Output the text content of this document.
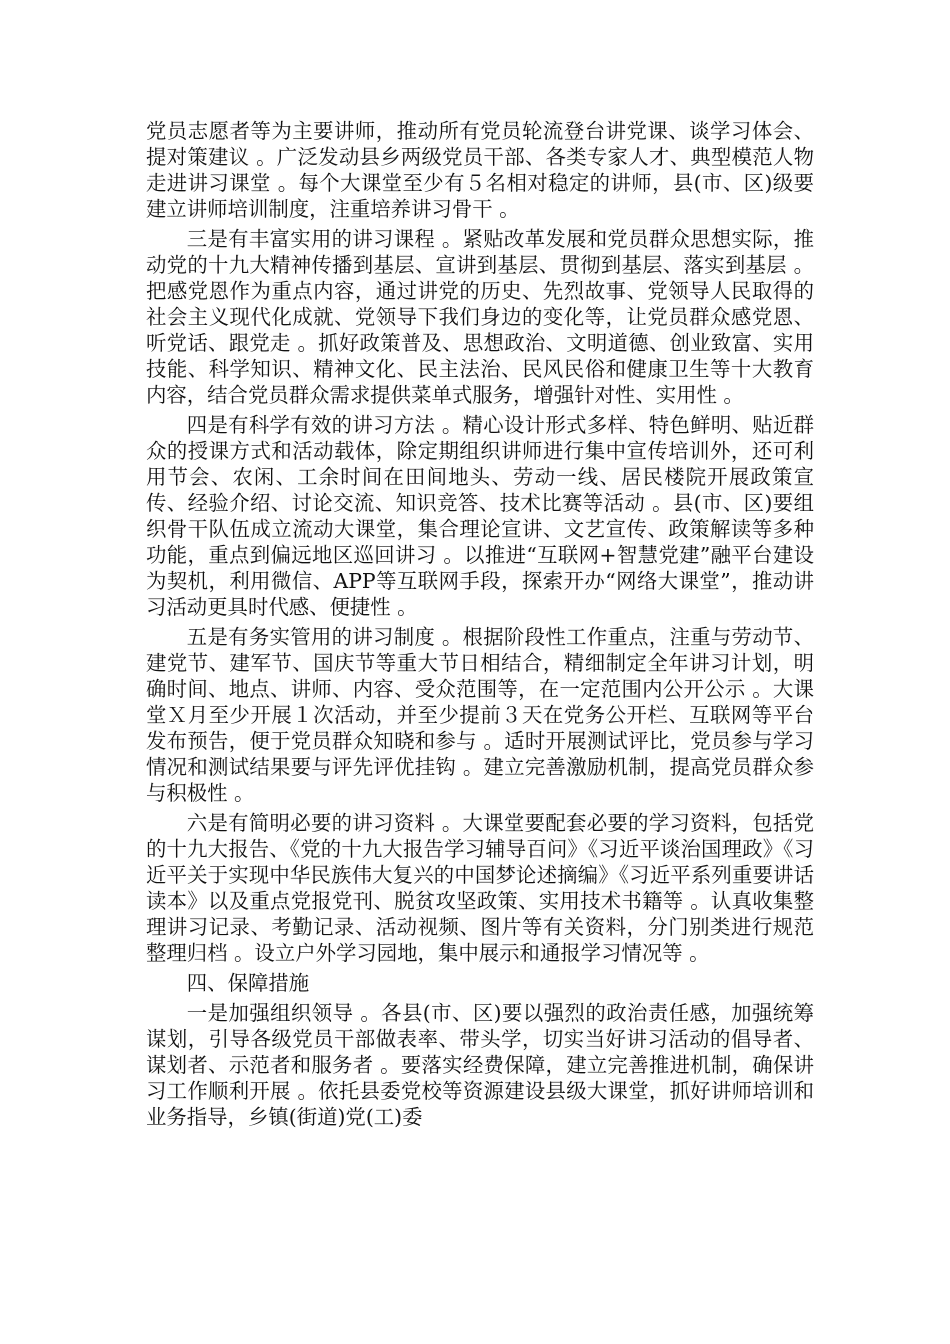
党员志愿者等为主要讲师，推动所有党员轮流登台讲党课、谈学习体会、提对策建议 。广泛发动县乡两级党员干部、各类专家人才、典型模范人物走进讲习课堂 。每个大课堂至少有５名相对稳定的讲师，县(市、区)级要建立讲师培训制度，注重培养讲习骨干 。

三是有丰富实用的讲习课程 。紧贴改革发展和党员群众思想实际，推动党的十九大精神传播到基层、宣讲到基层、贯彻到基层、落实到基层 。把感党恩作为重点内容，通过讲党的历史、先烈故事、党领导人民取得的社会主义现代化成就、党领导下我们身边的变化等，让党员群众感党恩、听党话、跟党走 。抓好政策普及、思想政治、文明道德、创业致富、实用技能、科学知识、精神文化、民主法治、民风民俗和健康卫生等十大教育内容，结合党员群众需求提供菜单式服务，增强针对性、实用性 。

四是有科学有效的讲习方法 。精心设计形式多样、特色鲜明、贴近群众的授课方式和活动载体，除定期组织讲师进行集中宣传培训外，还可利用节会、农闲、工余时间在田间地头、劳动一线、居民楼院开展政策宣传、经验介绍、讨论交流、知识竞答、技术比赛等活动 。县(市、区)要组织骨干队伍成立流动大课堂，集合理论宣讲、文艺宣传、政策解读等多种功能，重点到偏远地区巡回讲习 。以推进“互联网+智慧党建”融平台建设为契机，利用微信、APP等互联网手段，探索开办“网络大课堂”，推动讲习活动更具时代感、便捷性 。

五是有务实管用的讲习制度 。根据阶段性工作重点，注重与劳动节、建党节、建军节、国庆节等重大节日相结合，精细制定全年讲习计划，明确时间、地点、讲师、内容、受众范围等，在一定范围内公开公示 。大课堂Ｘ月至少开展１次活动，并至少提前３天在党务公开栏、互联网等平台发布预告，便于党员群众知晓和参与 。适时开展测试评比，党员参与学习情况和测试结果要与评先评优挂钩 。建立完善激励机制，提高党员群众参与积极性 。

六是有简明必要的讲习资料 。大课堂要配套必要的学习资料，包括党的十九大报告、《党的十九大报告学习辅导百问》《习近平谈治国理政》《习近平关于实现中华民族伟大复兴的中国梦论述摘编》《习近平系列重要讲话读本》以及重点党报党刊、脱贫攻坚政策、实用技术书籍等 。认真收集整理讲习记录、考勤记录、活动视频、图片等有关资料，分门别类进行规范整理归档 。设立户外学习园地，集中展示和通报学习情况等 。

四、保障措施

一是加强组织领导 。各县(市、区)要以强烈的政治责任感，加强统筹谋划，引导各级党员干部做表率、带头学，切实当好讲习活动的倡导者、谋划者、示范者和服务者 。要落实经费保障，建立完善推进机制，确保讲习工作顺利开展 。依托县委党校等资源建设县级大课堂，抓好讲师培训和业务指导，乡镇(街道)党(工)委
